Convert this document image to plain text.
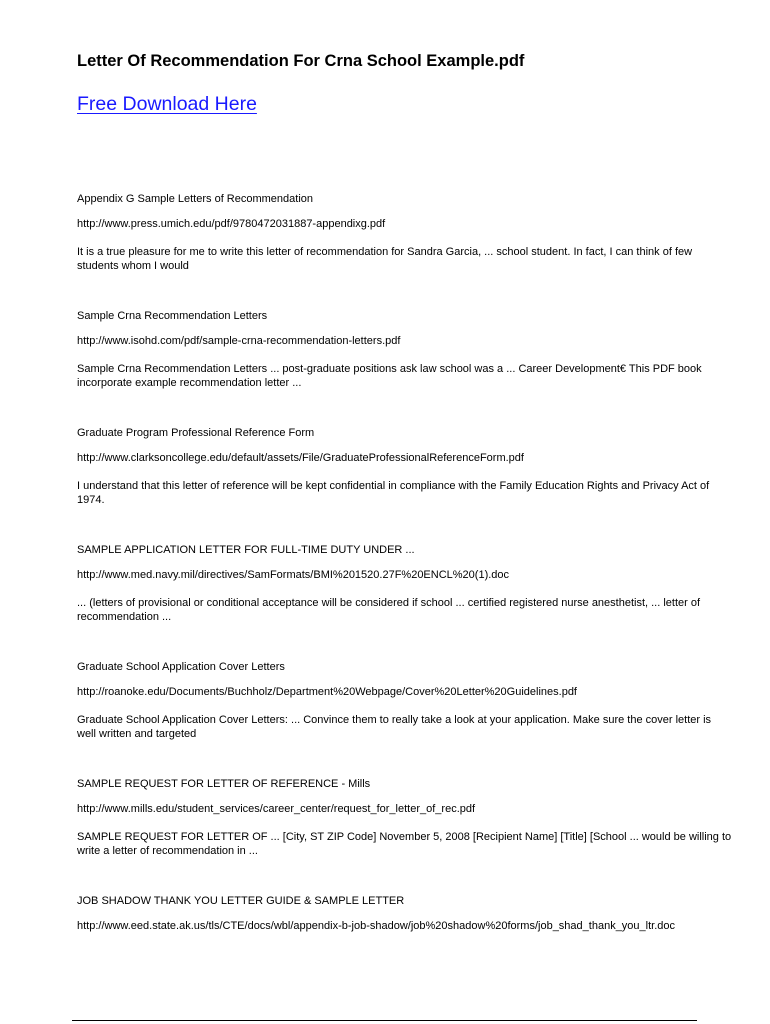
Letter Of Recommendation For Crna School Example.pdf
Free Download Here
Appendix G Sample Letters of Recommendation
http://www.press.umich.edu/pdf/9780472031887-appendixg.pdf
It is a true pleasure for me to write this letter of recommendation for Sandra Garcia, ... school student. In fact, I can think of few students whom I would
Sample Crna Recommendation Letters
http://www.isohd.com/pdf/sample-crna-recommendation-letters.pdf
Sample Crna Recommendation Letters ... post-graduate positions ask law school was a ... Career Development€ This PDF book incorporate example recommendation letter ...
Graduate Program Professional Reference Form
http://www.clarksoncollege.edu/default/assets/File/GraduateProfessionalReferenceForm.pdf
I understand that this letter of reference will be kept confidential in compliance with the Family Education Rights and Privacy Act of 1974.
SAMPLE APPLICATION LETTER FOR FULL-TIME DUTY UNDER ...
http://www.med.navy.mil/directives/SamFormats/BMI%201520.27F%20ENCL%20(1).doc
... (letters of provisional or conditional acceptance will be considered if school ... certified registered nurse anesthetist, ... letter of recommendation ...
Graduate School Application Cover Letters
http://roanoke.edu/Documents/Buchholz/Department%20Webpage/Cover%20Letter%20Guidelines.pdf
Graduate School Application Cover Letters: ... Convince them to really take a look at your application. Make sure the cover letter is well written and targeted
SAMPLE REQUEST FOR LETTER OF REFERENCE - Mills
http://www.mills.edu/student_services/career_center/request_for_letter_of_rec.pdf
SAMPLE REQUEST FOR LETTER OF ... [City, ST ZIP Code] November 5, 2008 [Recipient Name] [Title] [School ... would be willing to write a letter of recommendation in ...
JOB SHADOW THANK YOU LETTER GUIDE & SAMPLE LETTER
http://www.eed.state.ak.us/tls/CTE/docs/wbl/appendix-b-job-shadow/job%20shadow%20forms/job_shad_thank_you_ltr.doc
